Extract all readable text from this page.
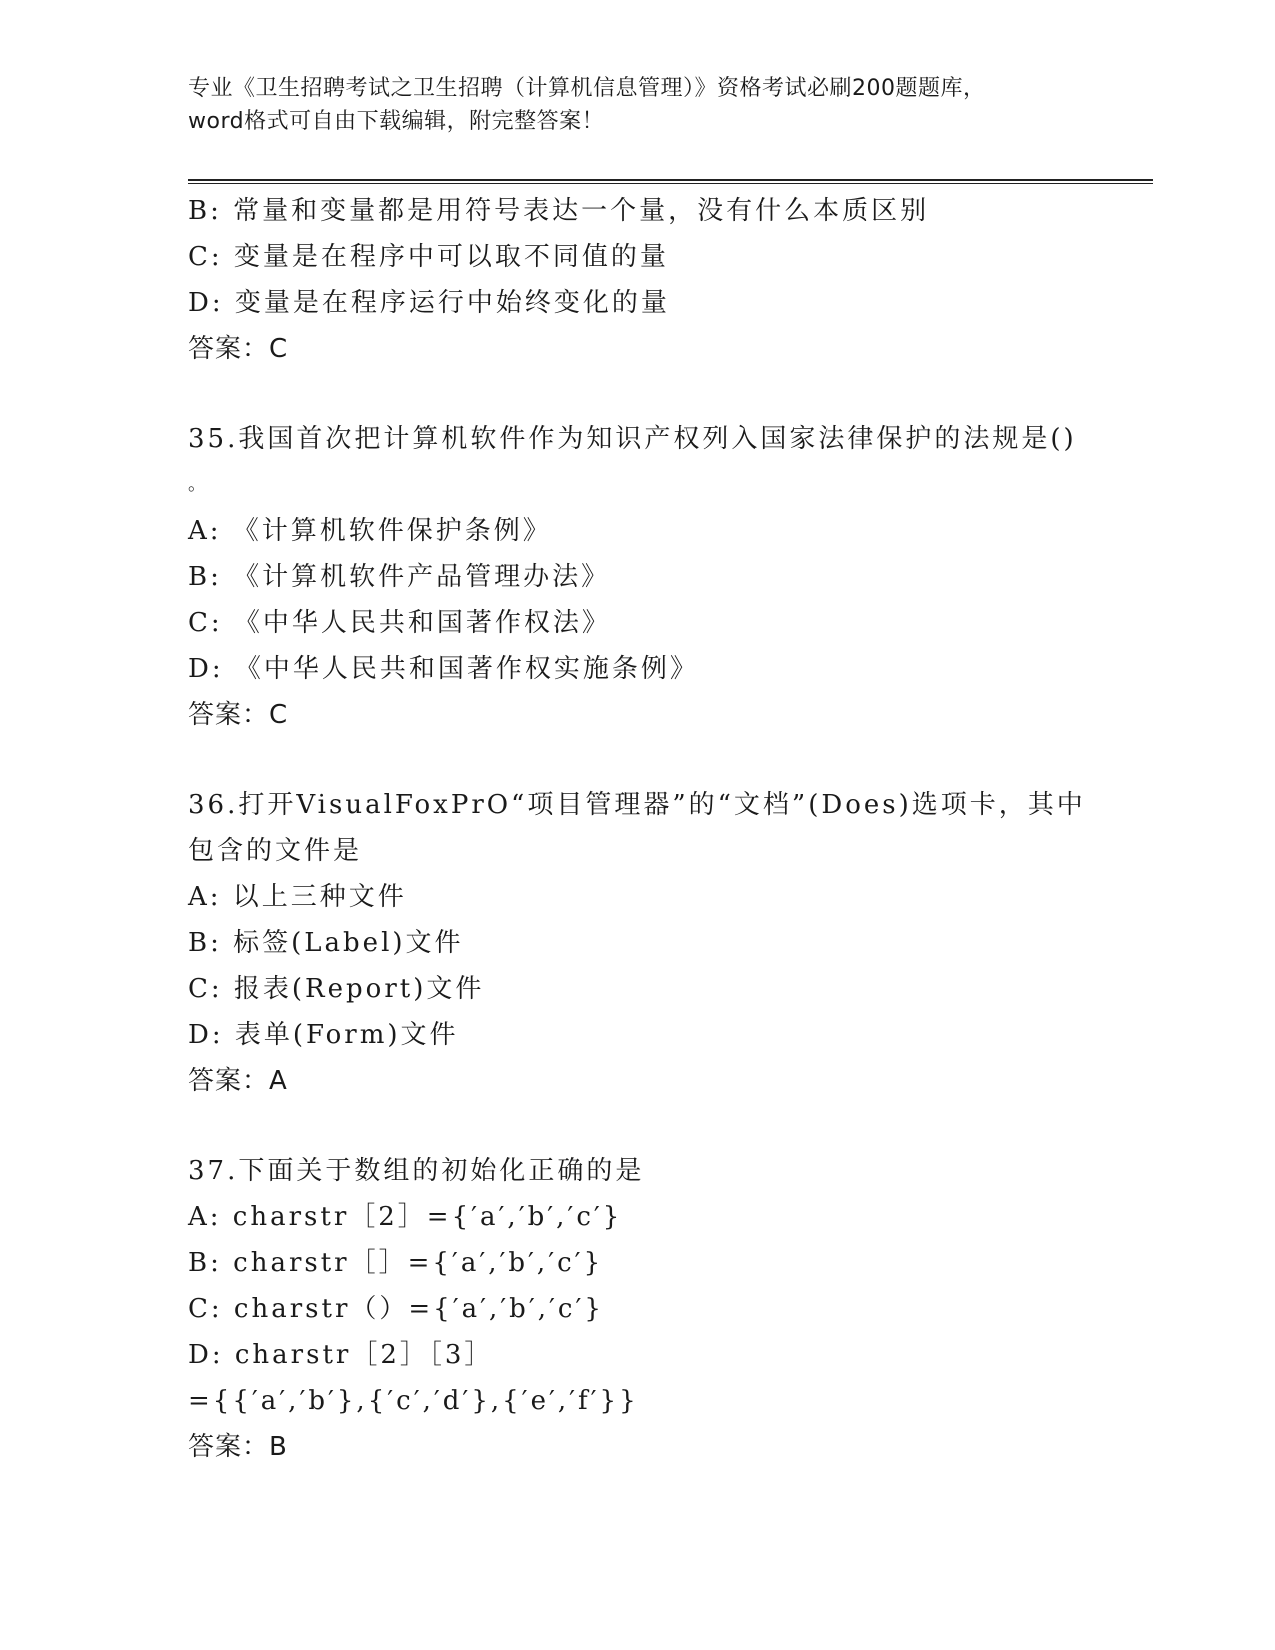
专业《卫生招聘考试之卫生招聘（计算机信息管理）》资格考试必刷200题题库，
word格式可自由下载编辑，附完整答案！
B: 常量和变量都是用符号表达一个量，没有什么本质区别
C: 变量是在程序中可以取不同值的量
D: 变量是在程序运行中始终变化的量
答案：C
35.我国首次把计算机软件作为知识产权列入国家法律保护的法规是()
。
A: 《计算机软件保护条例》
B: 《计算机软件产品管理办法》
C: 《中华人民共和国著作权法》
D: 《中华人民共和国著作权实施条例》
答案：C
36.打开VisualFoxPrO“项目管理器”的“文档”(Does)选项卡，其中
包含的文件是
A: 以上三种文件
B: 标签(Label)文件
C: 报表(Report)文件
D: 表单(Form)文件
答案：A
37.下面关于数组的初始化正确的是
A: charstr［2］={′a′,′b′,′c′}
B: charstr［］={′a′,′b′,′c′}
C: charstr（）={′a′,′b′,′c′}
D: charstr［2］［3］
={{′a′,′b′},{′c′,′d′},{′e′,′f′}}
答案：B
